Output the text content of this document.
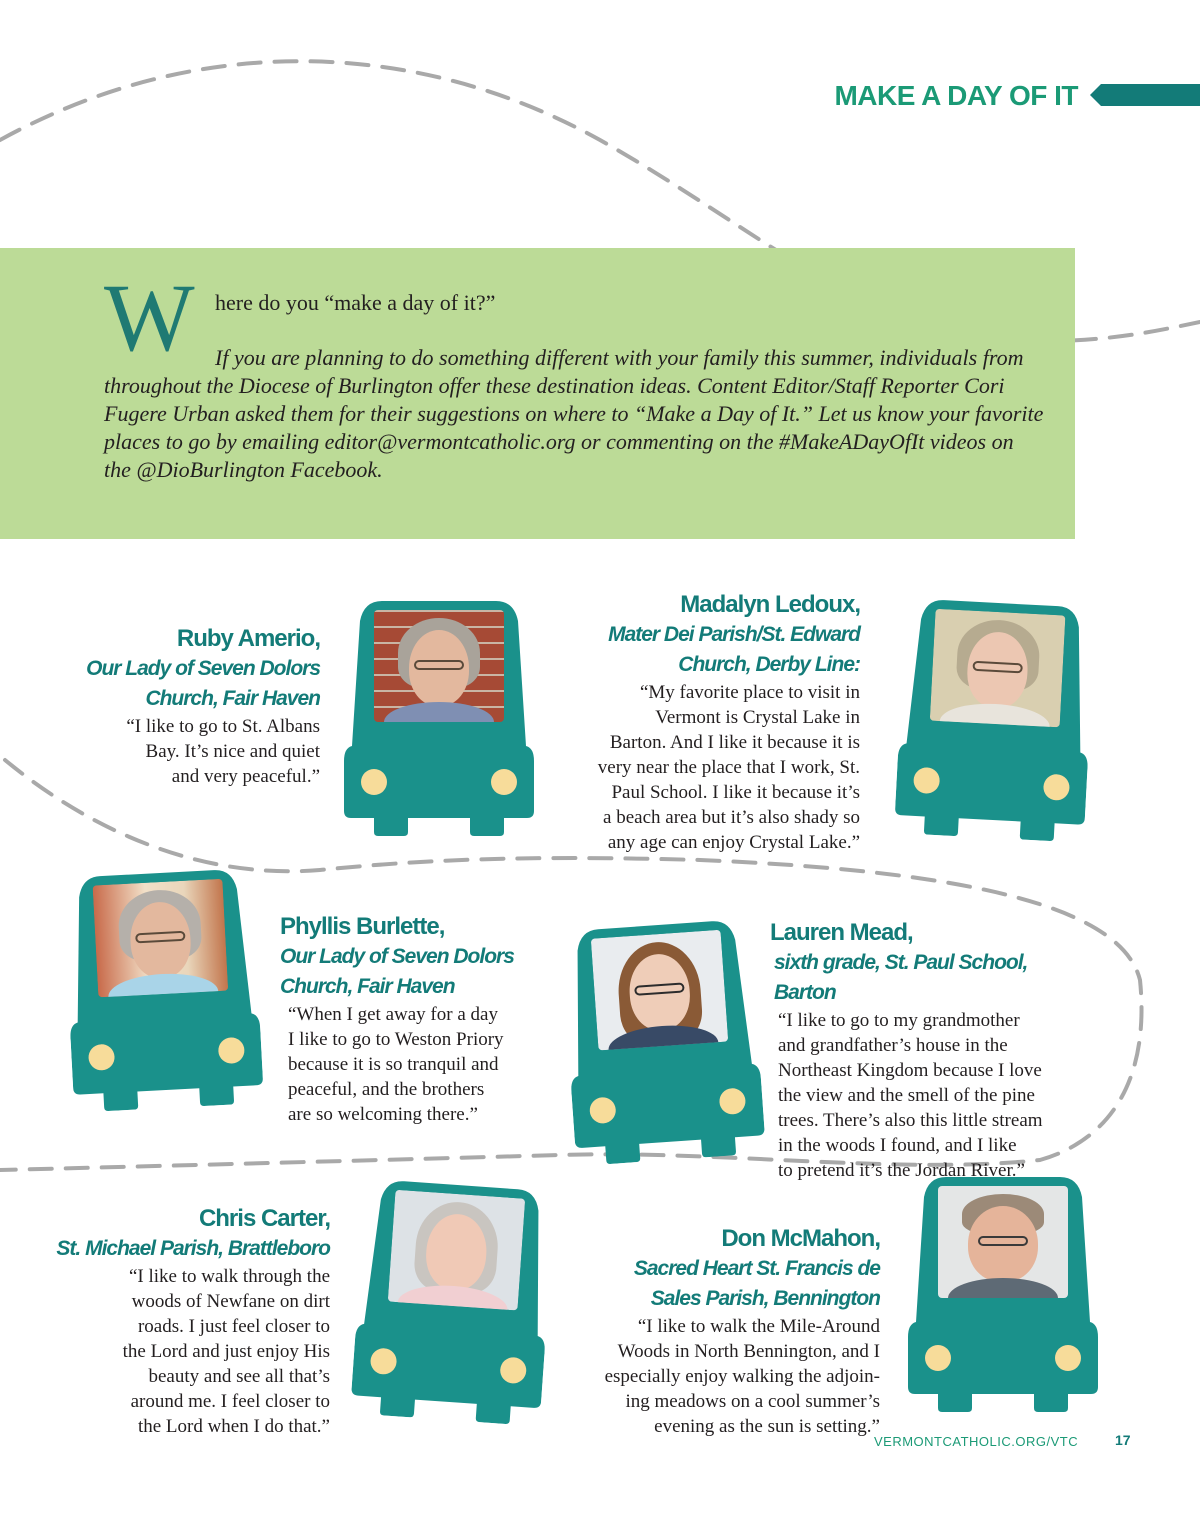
MAKE A DAY OF IT

W here do you “make a day of it?”

If you are planning to do something different with your family this summer, individuals from throughout the Diocese of Burlington offer these destination ideas. Content Editor/Staff Reporter Cori Fugere Urban asked them for their suggestions on where to “Make a Day of It.” Let us know your favorite places to go by emailing editor@vermontcatholic.org or commenting on the #MakeADayOfIt videos on the @DioBurlington Facebook.

Ruby Amerio,

Our Lady of Seven Dolors
Church, Fair Haven

“I like to go to St. Albans
Bay. It’s nice and quiet
and very peaceful.”

Madalyn Ledoux,

Mater Dei Parish/St. Edward
Church, Derby Line:

“My favorite place to visit in
Vermont is Crystal Lake in
Barton. And I like it because it is
very near the place that I work, St.
Paul School. I like it because it’s
a beach area but it’s also shady so
any age can enjoy Crystal Lake.”

Phyllis Burlette,

Our Lady of Seven Dolors
Church, Fair Haven

“When I get away for a day
I like to go to Weston Priory
because it is so tranquil and
peaceful, and the brothers
are so welcoming there.”

Lauren Mead,

sixth grade, St. Paul School, Barton

“I like to go to my grandmother
and grandfather’s house in the
Northeast Kingdom because I love
the view and the smell of the pine
trees. There’s also this little stream
in the woods I found, and I like
to pretend it’s the Jordan River.”

Chris Carter,

St. Michael Parish, Brattleboro

“I like to walk through the
woods of Newfane on dirt
roads. I just feel closer to
the Lord and just enjoy His
beauty and see all that’s
around me. I feel closer to
the Lord when I do that.”

Don McMahon,

Sacred Heart St. Francis de
Sales Parish, Bennington

“I like to walk the Mile-Around
Woods in North Bennington, and I
especially enjoy walking the adjoin-
ing meadows on a cool summer’s
evening as the sun is setting.”

VERMONTCATHOLIC.ORG/VTC	17
